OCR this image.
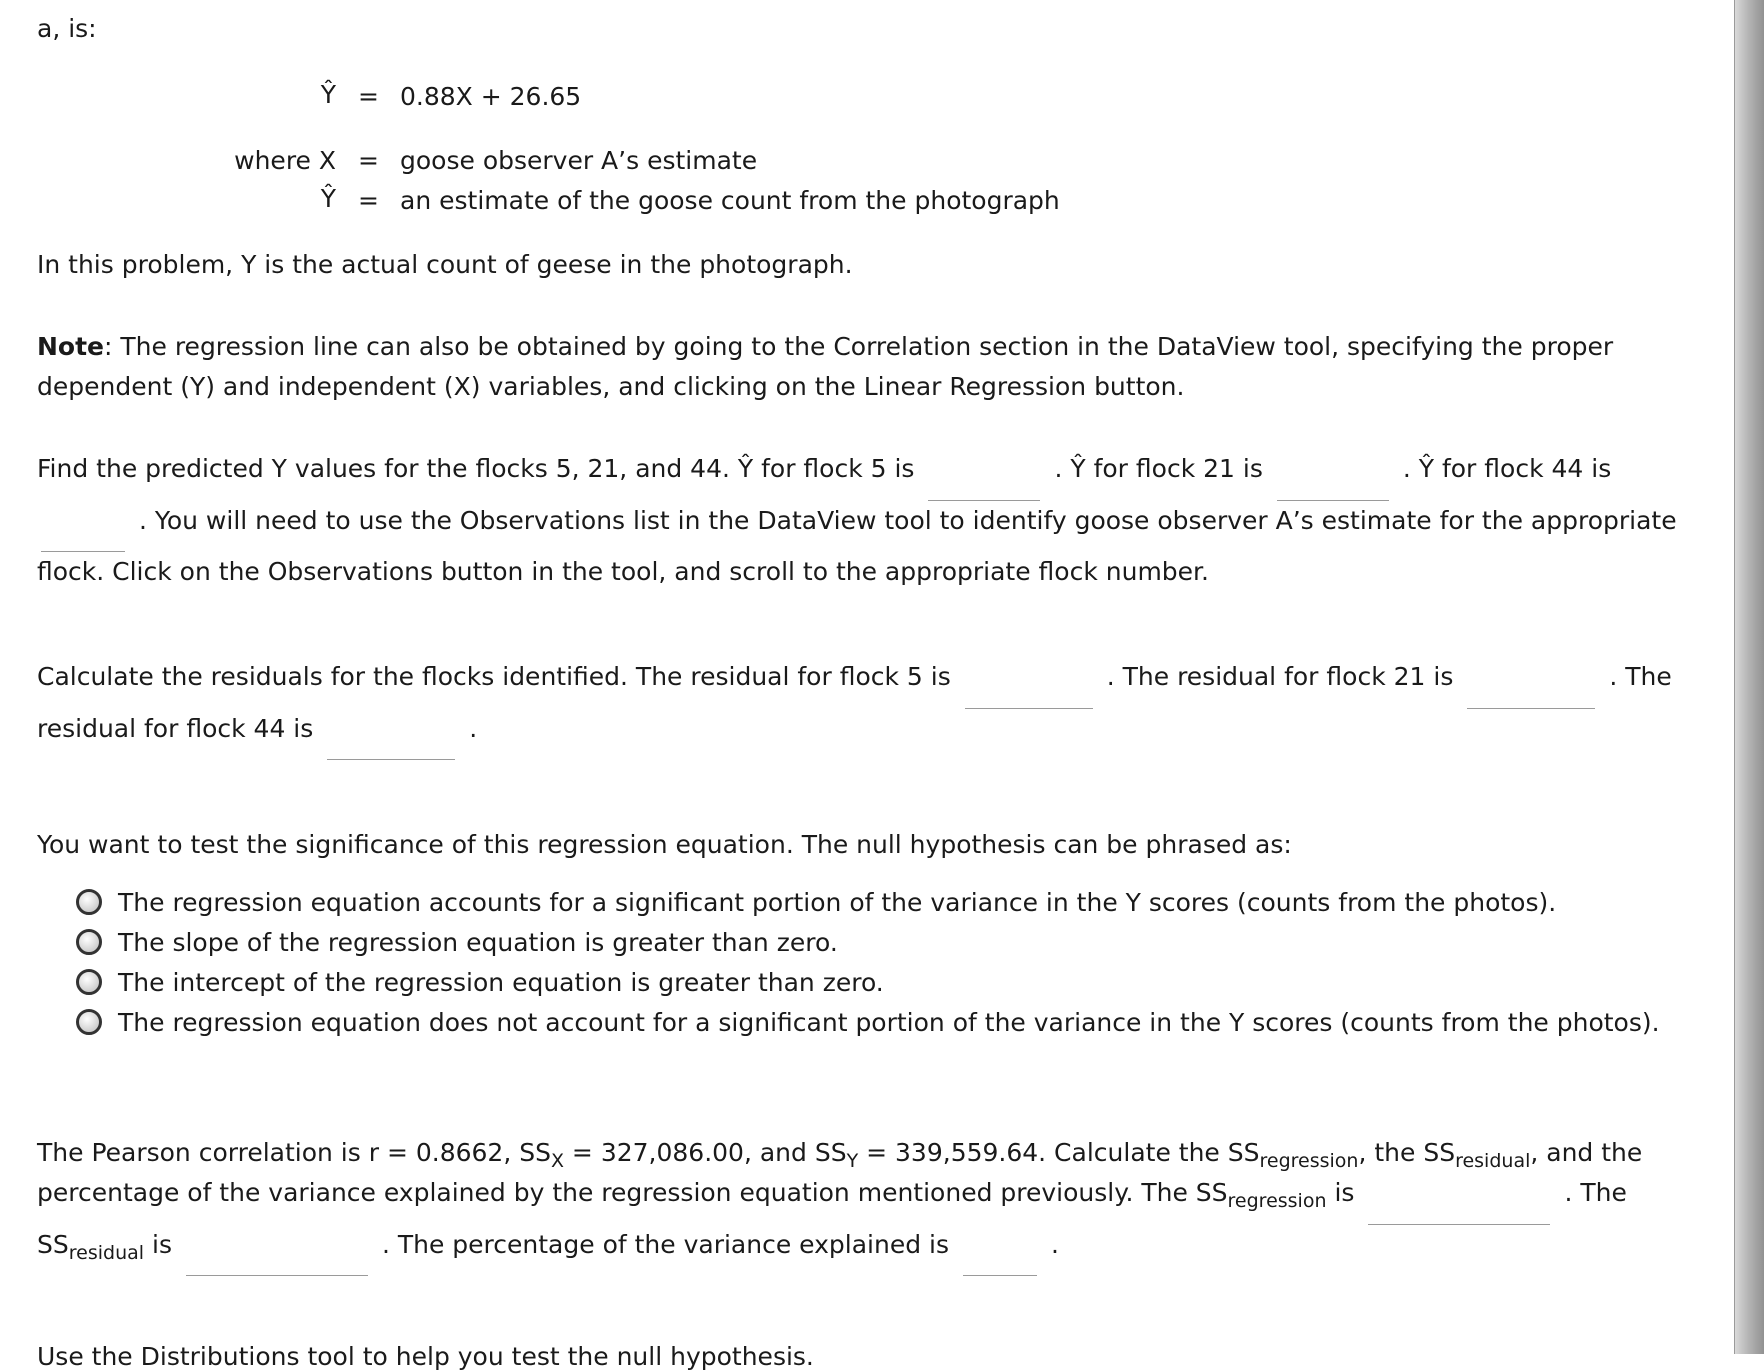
a, is:
Ŷ = 0.88X + 26.65
where X = goose observer A’s estimate
Ŷ = an estimate of the goose count from the photograph
In this problem, Y is the actual count of geese in the photograph.
Note: The regression line can also be obtained by going to the Correlation section in the DataView tool, specifying the proper dependent (Y) and independent (X) variables, and clicking on the Linear Regression button.
Find the predicted Y values for the flocks 5, 21, and 44. Ŷ for flock 5 is	. Ŷ for flock 21 is	. Ŷ for flock 44 is . You will need to use the Observations list in the DataView tool to identify goose observer A’s estimate for the appropriate flock. Click on the Observations button in the tool, and scroll to the appropriate flock number.
Calculate the residuals for the flocks identified. The residual for flock 5 is	. The residual for flock 21 is	. The residual for flock 44 is	.
You want to test the significance of this regression equation. The null hypothesis can be phrased as:
The regression equation accounts for a significant portion of the variance in the Y scores (counts from the photos).
The slope of the regression equation is greater than zero.
The intercept of the regression equation is greater than zero.
The regression equation does not account for a significant portion of the variance in the Y scores (counts from the photos).
The Pearson correlation is r = 0.8662, $SS_X = 327,086.00$, and $SS_Y = 339,559.64$. Calculate the $SS_{regression}$, the $SS_{residual}$, and the percentage of the variance explained by the regression equation mentioned previously. The $SS_{regression}$ is	. The $SS_{residual}$ is	. The percentage of the variance explained is	.
Use the Distributions tool to help you test the null hypothesis.
